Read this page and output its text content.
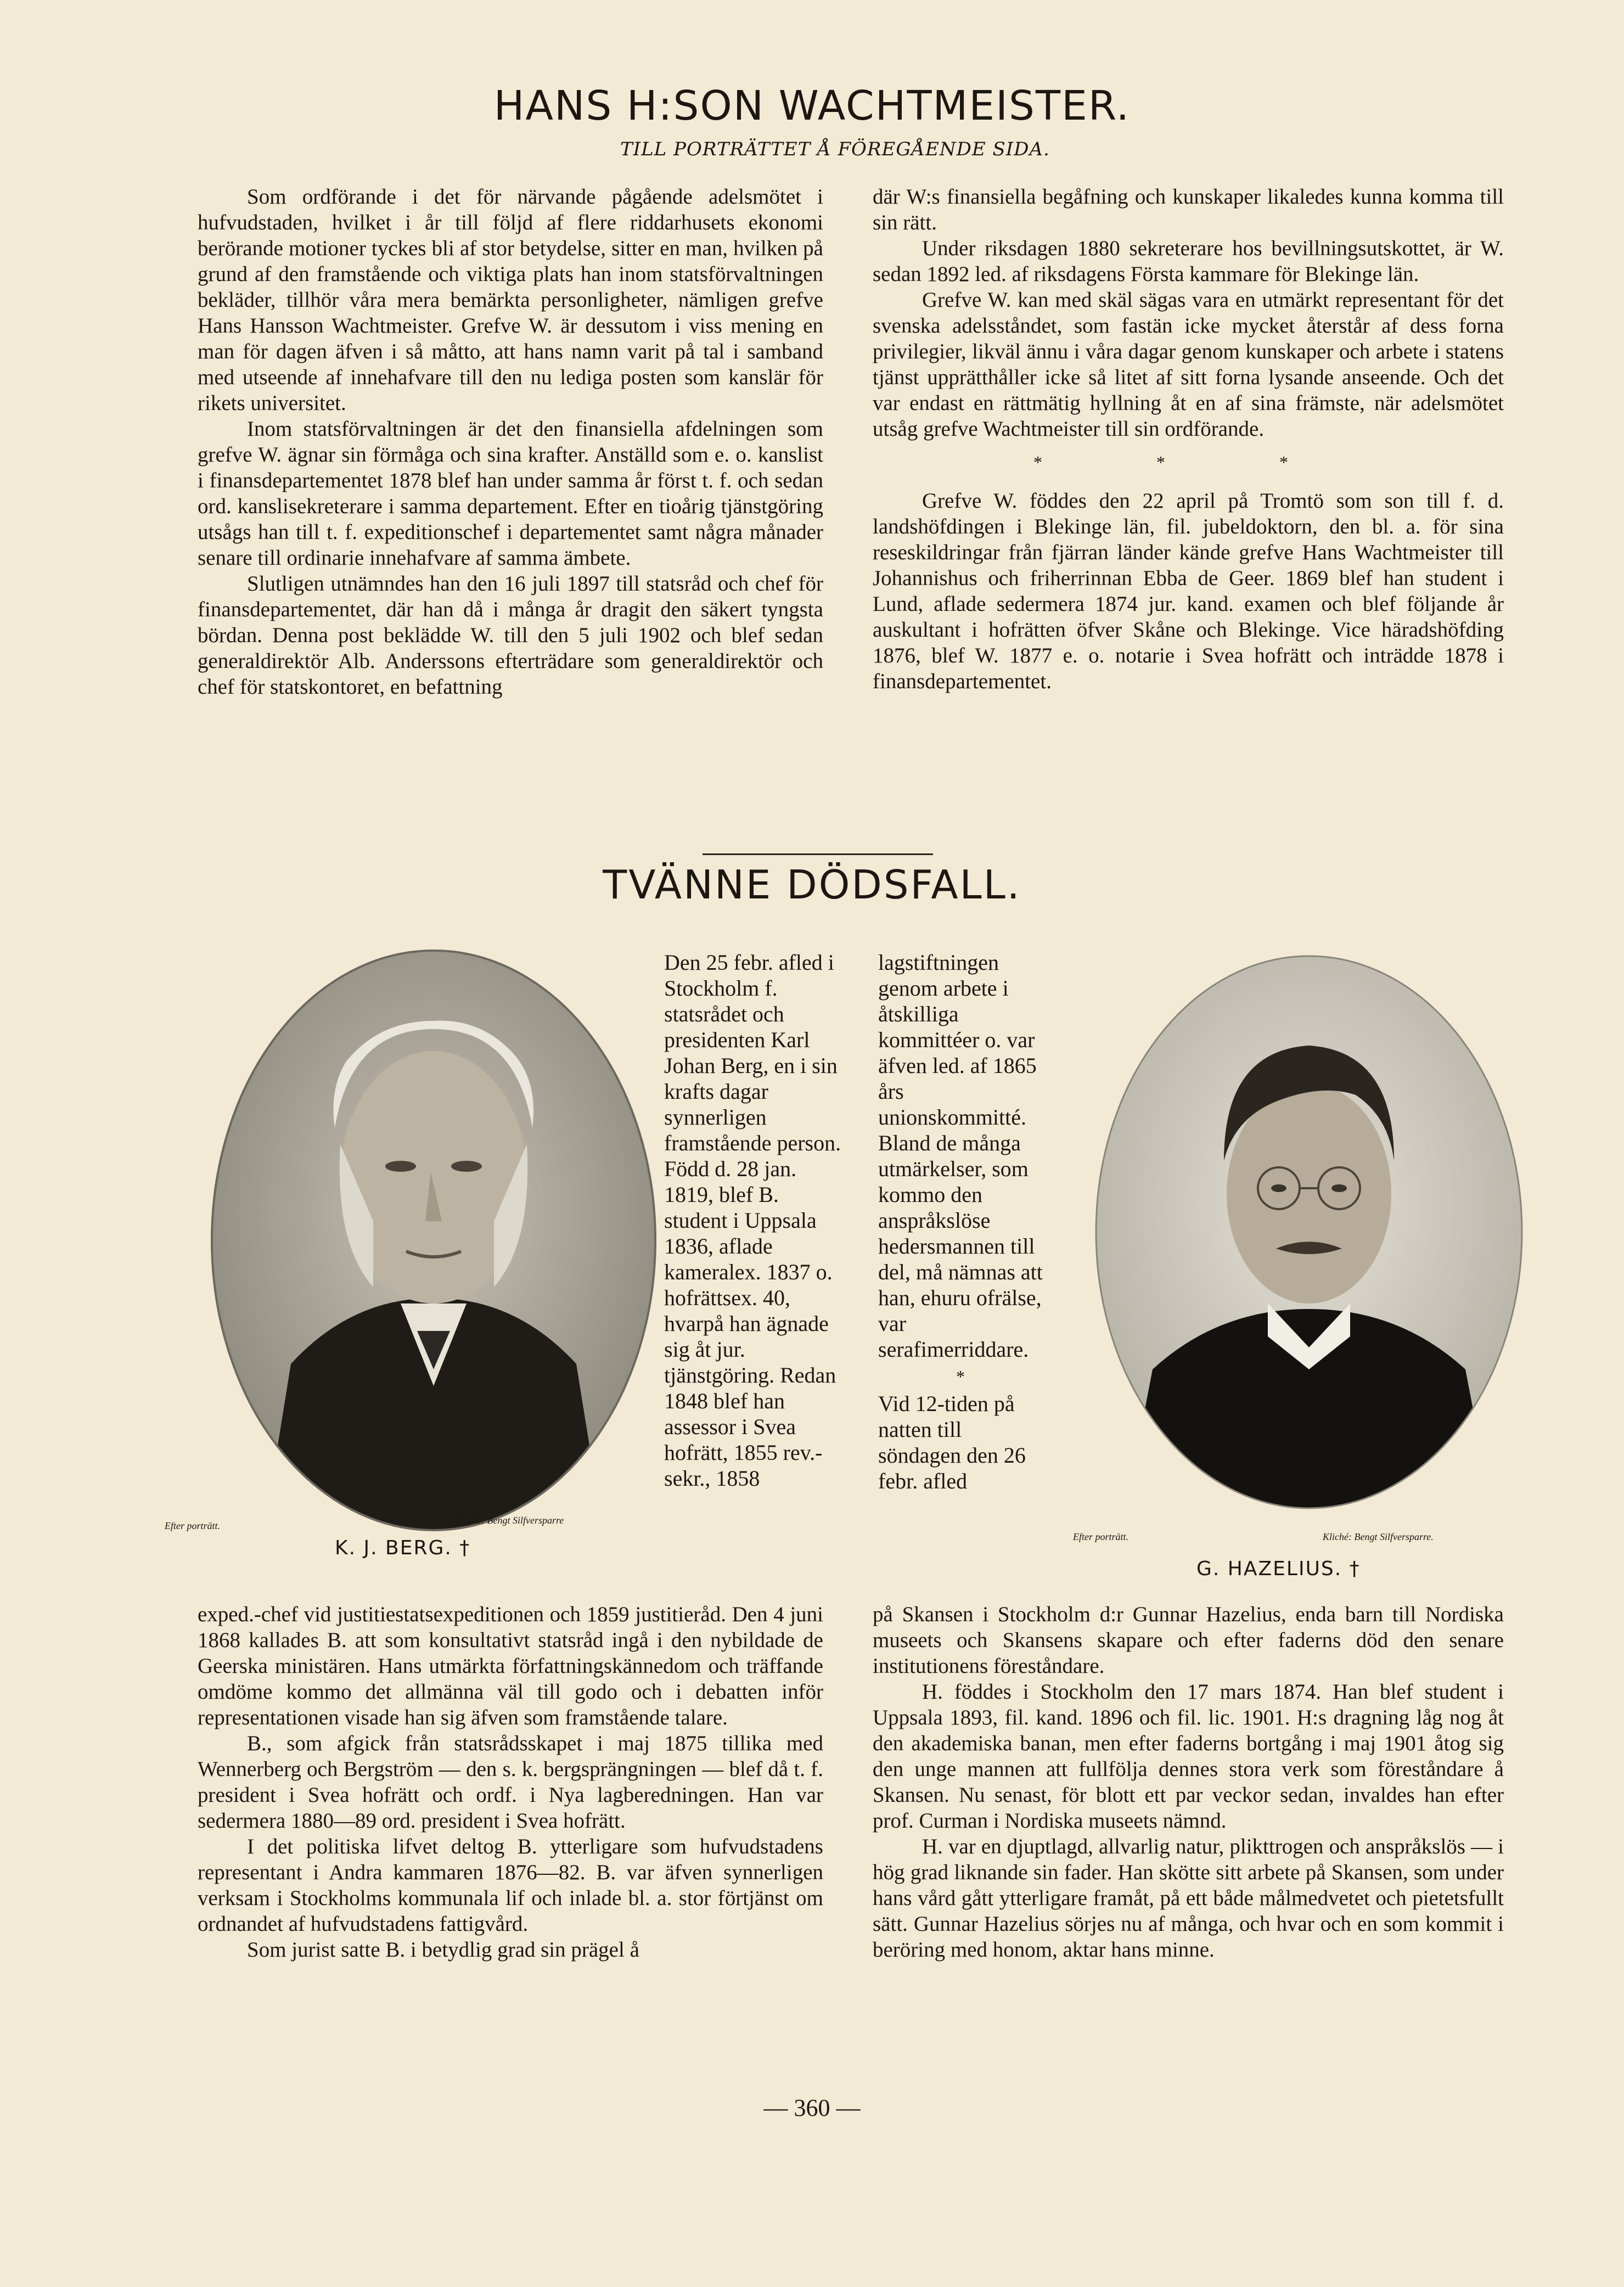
HANS H:SON WACHTMEISTER.
TILL PORTRÄTTET Å FÖREGÅENDE SIDA.

Som ordförande i det för närvande pågående adelsmötet i hufvudstaden, hvilket i år till följd af flere riddarhusets ekonomi berörande motioner tyckes bli af stor betydelse, sitter en man, hvilken på grund af den framstående och viktiga plats han inom statsförvaltningen bekläder, tillhör våra mera bemärkta personligheter, nämligen grefve Hans Hansson Wachtmeister. Grefve W. är dessutom i viss mening en man för dagen äfven i så måtto, att hans namn varit på tal i samband med utseende af innehafvare till den nu lediga posten som kanslär för rikets universitet.

Inom statsförvaltningen är det den finansiella afdelningen som grefve W. ägnar sin förmåga och sina krafter. Anställd som e. o. kanslist i finansdepartementet 1878 blef han under samma år först t. f. och sedan ord. kanslisekreterare i samma departement. Efter en tioårig tjänstgöring utsågs han till t. f. expeditionschef i departementet samt några månader senare till ordinarie innehafvare af samma ämbete.

Slutligen utnämndes han den 16 juli 1897 till statsråd och chef för finansdepartementet, där han då i många år dragit den säkert tyngsta bördan. Denna post beklädde W. till den 5 juli 1902 och blef sedan generaldirektör Alb. Anderssons efterträdare som generaldirektör och chef för statskontoret, en befattning

där W:s finansiella begåfning och kunskaper likaledes kunna komma till sin rätt.

Under riksdagen 1880 sekreterare hos bevillningsutskottet, är W. sedan 1892 led. af riksdagens Första kammare för Blekinge län.

Grefve W. kan med skäl sägas vara en utmärkt representant för det svenska adelsståndet, som fastän icke mycket återstår af dess forna privilegier, likväl ännu i våra dagar genom kunskaper och arbete i statens tjänst upprätthåller icke så litet af sitt forna lysande anseende. Och det var endast en rättmätig hyllning åt en af sina främste, när adelsmötet utsåg grefve Wachtmeister till sin ordförande.

* * *

Grefve W. föddes den 22 april på Tromtö som son till f. d. landshöfdingen i Blekinge län, fil. jubeldoktorn, den bl. a. för sina reseskildringar från fjärran länder kände grefve Hans Wachtmeister till Johannishus och friherrinnan Ebba de Geer. 1869 blef han student i Lund, aflade sedermera 1874 jur. kand. examen och blef följande år auskultant i hofrätten öfver Skåne och Blekinge. Vice häradshöfding 1876, blef W. 1877 e. o. notarie i Svea hofrätt och inträdde 1878 i finansdepartementet.

TVÄNNE DÖDSFALL.
Efter porträtt.	Kliché: Bengt Silfversparre
K. J. BERG. †

Den 25 febr. afled i Stockholm f. statsrådet och presidenten Karl Johan Berg, en i sin krafts dagar synnerligen framstående person. Född d. 28 jan. 1819, blef B. student i Uppsala 1836, aflade kameralex. 1837 o. hofrättsex. 40, hvarpå han ägnade sig åt jur. tjänstgöring. Redan 1848 blef han assessor i Svea hofrätt, 1855 rev.-sekr., 1858

lagstiftningen genom arbete i åtskilliga kommittéer o. var äfven led. af 1865 års unionskommitté.

Bland de många utmärkelser, som kommo den anspråkslöse hedersmannen till del, må nämnas att han, ehuru ofrälse, var serafimerriddare.

*

Vid 12-tiden på natten till söndagen den 26 febr. afled

Efter porträtt.	Kliché: Bengt Silfversparre.
G. HAZELIUS. †

exped.-chef vid justitiestatsexpeditionen och 1859 justitieråd. Den 4 juni 1868 kallades B. att som konsultativt statsråd ingå i den nybildade de Geerska ministären. Hans utmärkta författningskännedom och träffande omdöme kommo det allmänna väl till godo och i debatten inför representationen visade han sig äfven som framstående talare.

B., som afgick från statsrådsskapet i maj 1875 tillika med Wennerberg och Bergström — den s. k. bergsprängningen — blef då t. f. president i Svea hofrätt och ordf. i Nya lagberedningen. Han var sedermera 1880—89 ord. president i Svea hofrätt.

I det politiska lifvet deltog B. ytterligare som hufvudstadens representant i Andra kammaren 1876—82. B. var äfven synnerligen verksam i Stockholms kommunala lif och inlade bl. a. stor förtjänst om ordnandet af hufvudstadens fattigvård.

Som jurist satte B. i betydlig grad sin prägel å

på Skansen i Stockholm d:r Gunnar Hazelius, enda barn till Nordiska museets och Skansens skapare och efter faderns död den senare institutionens föreståndare.

H. föddes i Stockholm den 17 mars 1874. Han blef student i Uppsala 1893, fil. kand. 1896 och fil. lic. 1901. H:s dragning låg nog åt den akademiska banan, men efter faderns bortgång i maj 1901 åtog sig den unge mannen att fullfölja dennes stora verk som föreståndare å Skansen. Nu senast, för blott ett par veckor sedan, invaldes han efter prof. Curman i Nordiska museets nämnd.

H. var en djuptlagd, allvarlig natur, plikttrogen och anspråkslös — i hög grad liknande sin fader. Han skötte sitt arbete på Skansen, som under hans vård gått ytterligare framåt, på ett både målmedvetet och pietetsfullt sätt. Gunnar Hazelius sörjes nu af många, och hvar och en som kommit i beröring med honom, aktar hans minne.

— 360 —
